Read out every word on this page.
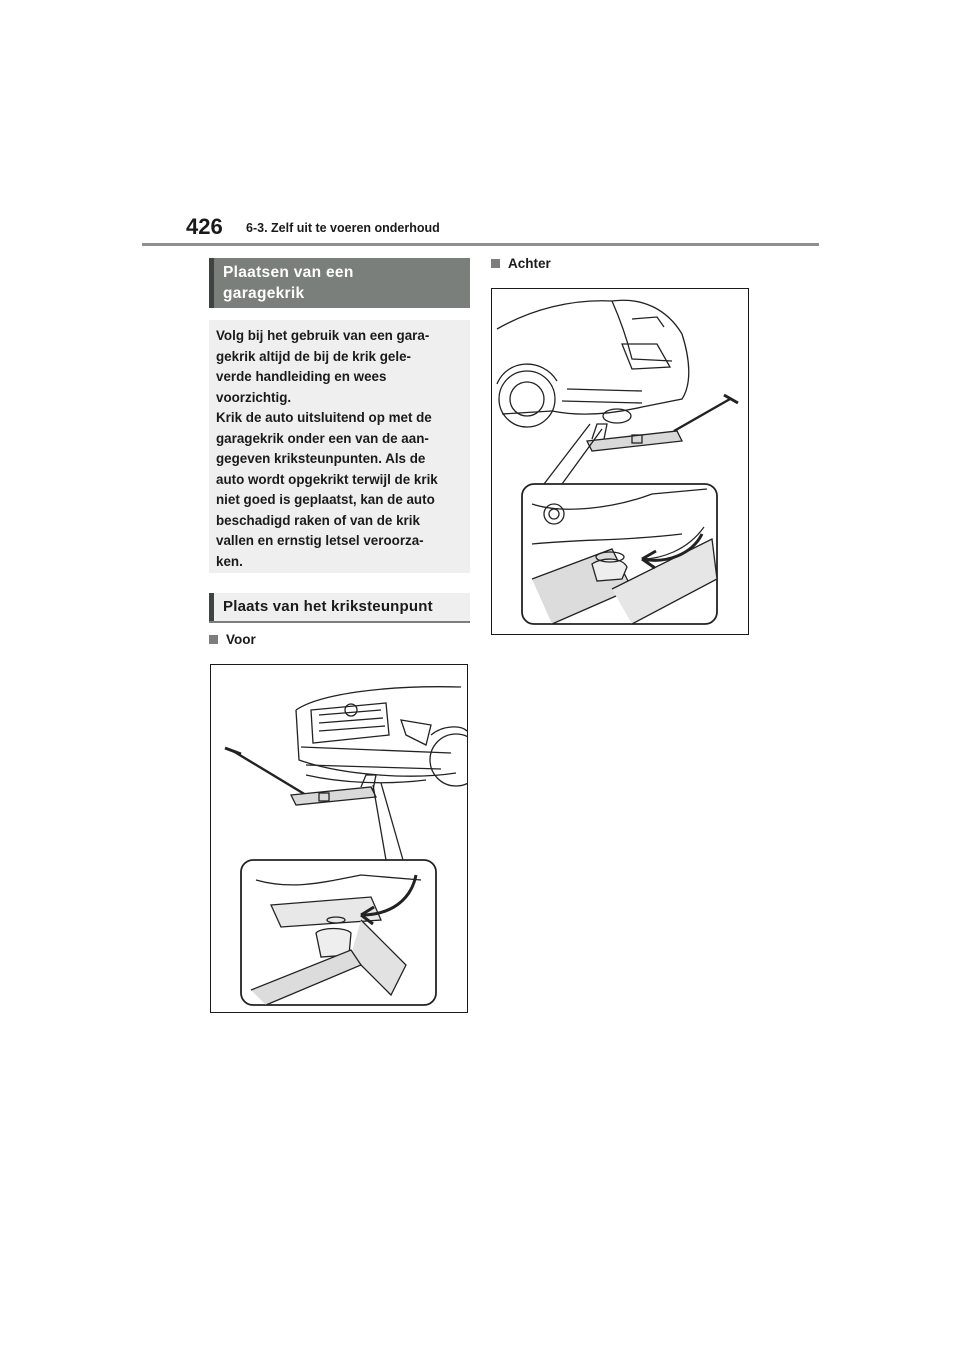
426 6-3. Zelf uit te voeren onderhoud
Plaatsen van een
garagekrik
Volg bij het gebruik van een gara-
gekrik altijd de bij de krik gele-
verde handleiding en wees
voorzichtig.
Krik de auto uitsluitend op met de
garagekrik onder een van de aan-
gegeven kriksteunpunten. Als de
auto wordt opgekrikt terwijl de krik
niet goed is geplaatst, kan de auto
beschadigd raken of van de krik
vallen en ernstig letsel veroorza-
ken.
Plaats van het kriksteunpunt
Voor
Achter
